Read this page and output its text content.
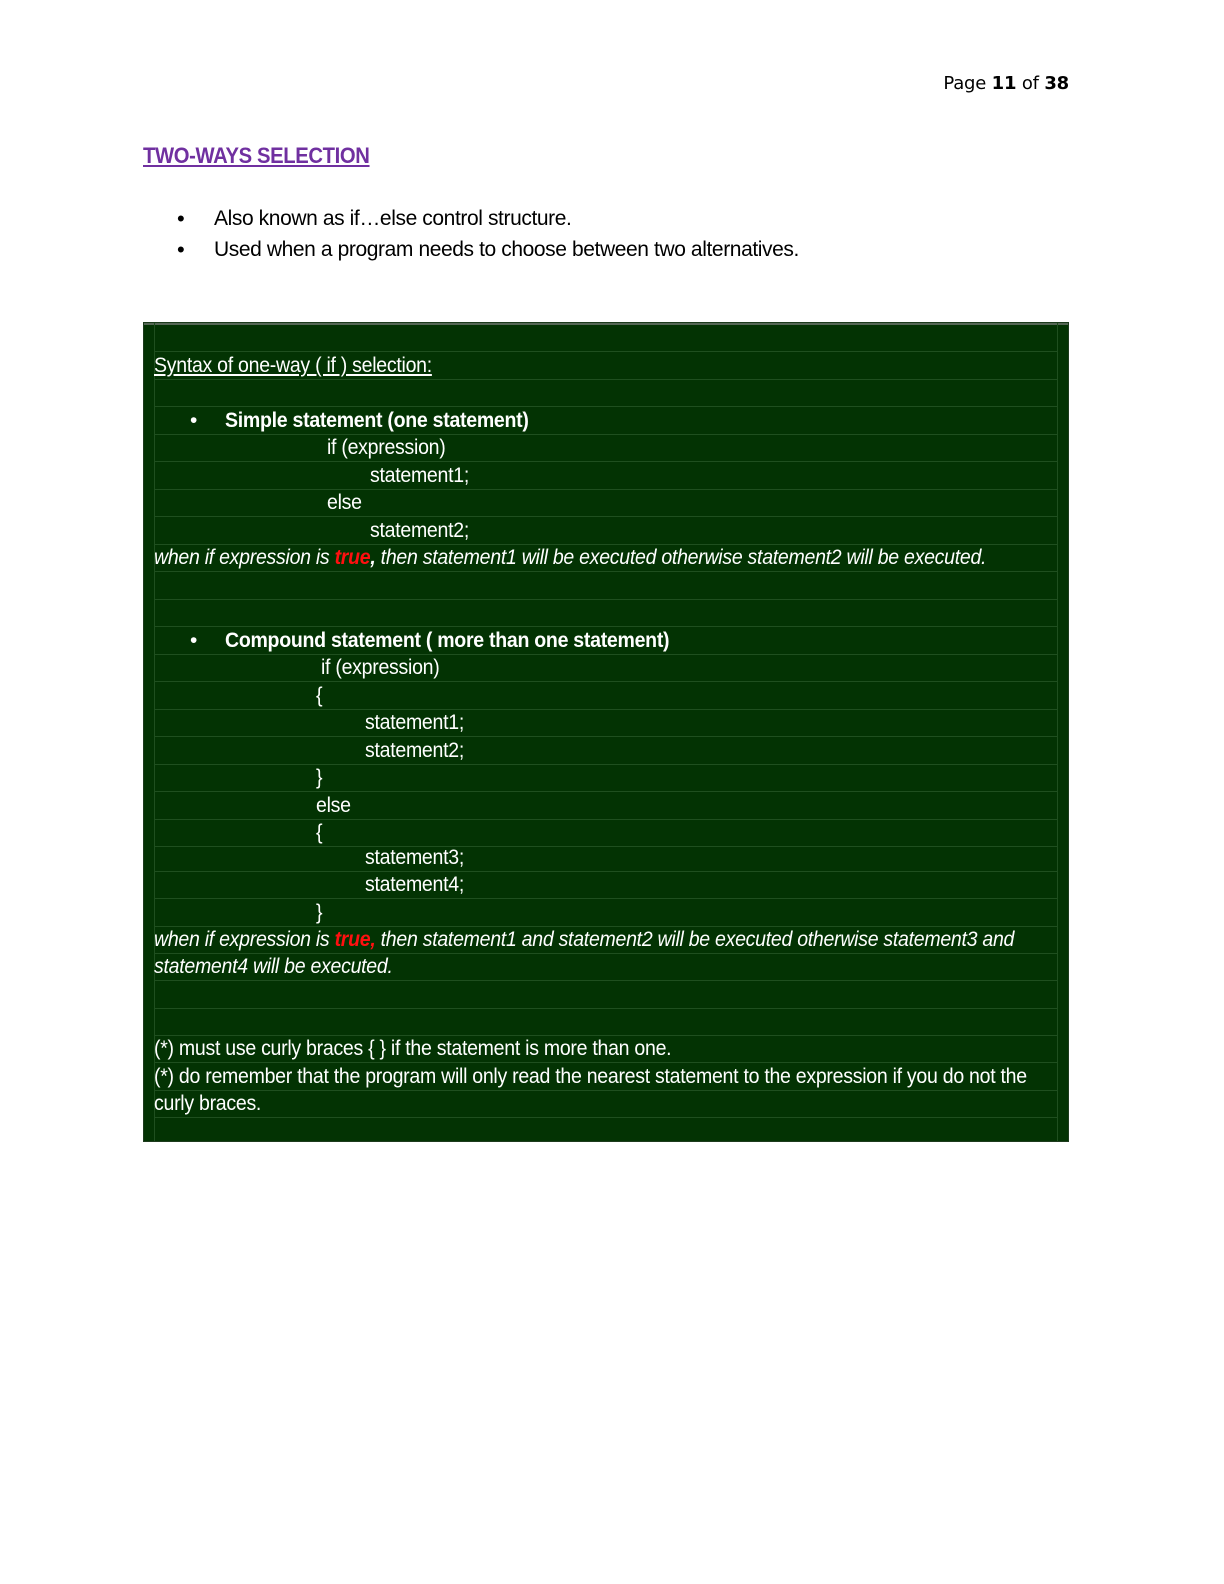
Page 11 of 38
TWO-WAYS SELECTION
• Also known as if…else control structure.
• Used when a program needs to choose between two alternatives.
Syntax of one-way ( if ) selection:
• Simple statement (one statement)
if (expression)
statement1;
else
statement2;
when if expression is true, then statement1 will be executed otherwise statement2 will be executed.
• Compound statement ( more than one statement)
if (expression)
{
statement1;
statement2;
}
else
{
statement3;
statement4;
}
when if expression is true, then statement1 and statement2 will be executed otherwise statement3 and
statement4 will be executed.
(*) must use curly braces { } if the statement is more than one.
(*) do remember that the program will only read the nearest statement to the expression if you do not the
curly braces.
